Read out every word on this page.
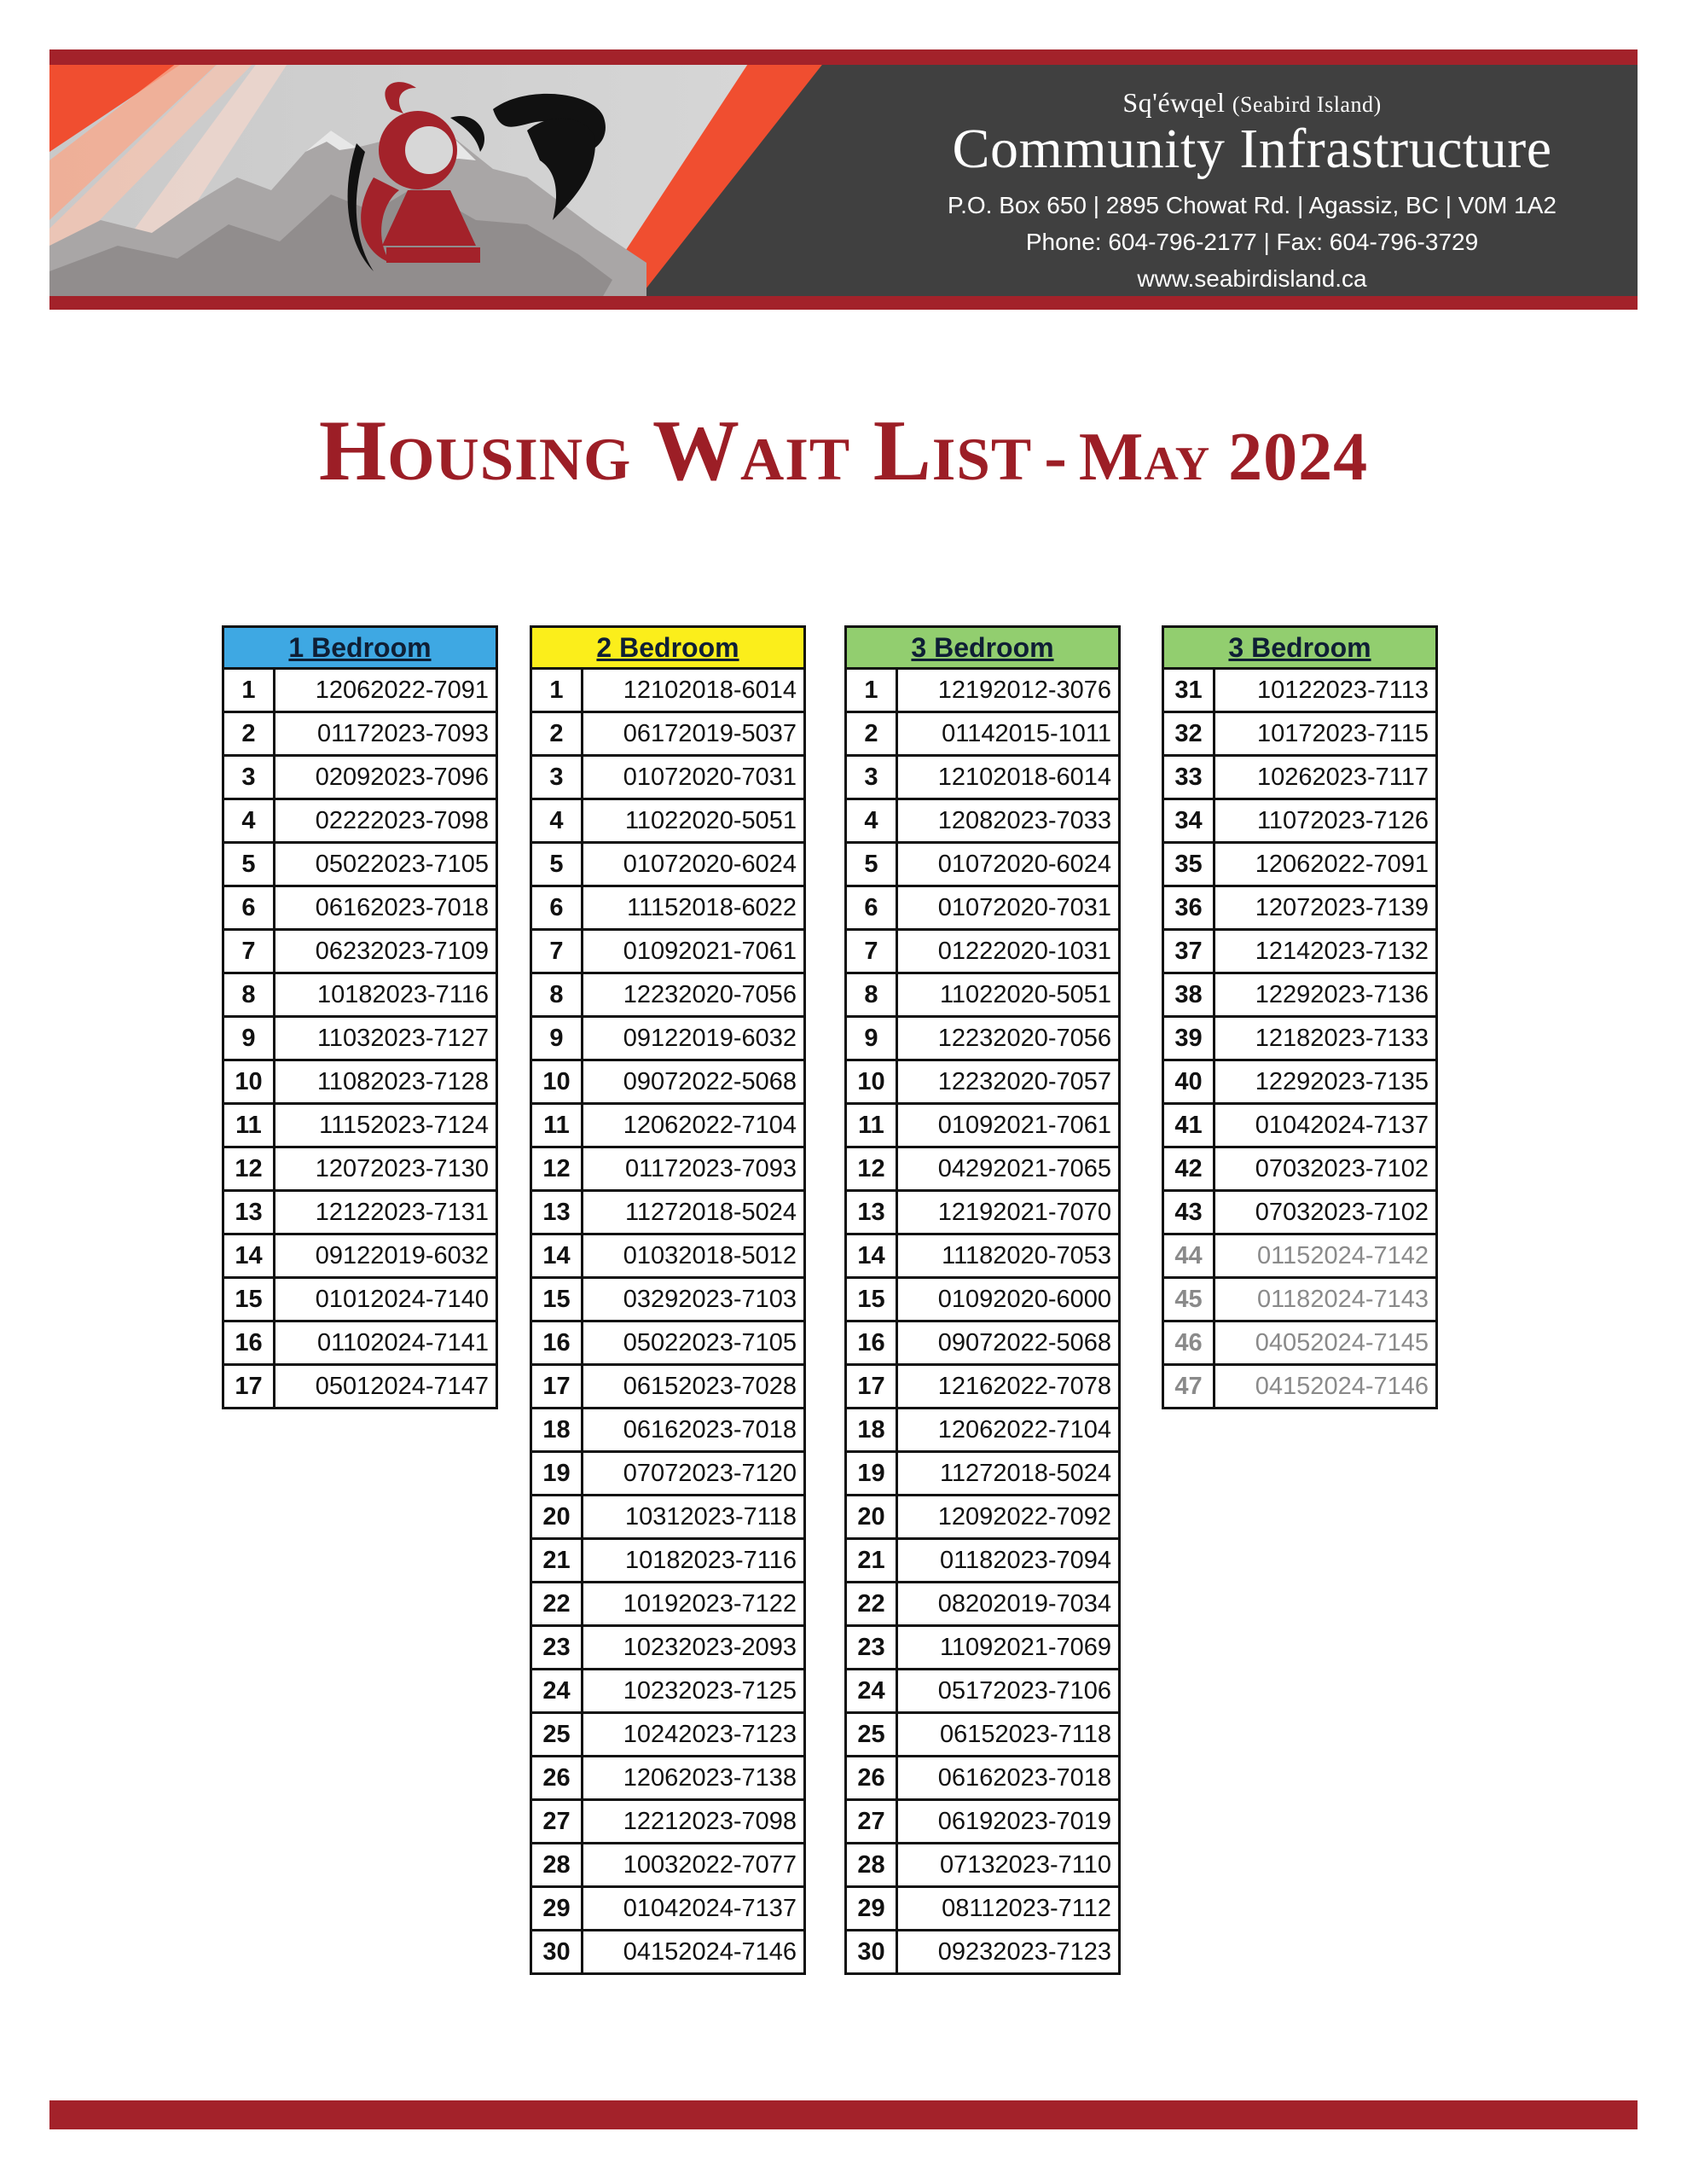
Sq'éwqel (Seabird Island)
Community Infrastructure
P.O. Box 650 | 2895 Chowat Rd. | Agassiz, BC | V0M 1A2
Phone: 604-796-2177 | Fax: 604-796-3729
www.seabirdisland.ca
Housing Wait List - May 2024
1 Bedroom	
1	12062022-7091
2	01172023-7093
3	02092023-7096
4	02222023-7098
5	05022023-7105
6	06162023-7018
7	06232023-7109
8	10182023-7116
9	11032023-7127
10	11082023-7128
11	11152023-7124
12	12072023-7130
13	12122023-7131
14	09122019-6032
15	01012024-7140
16	01102024-7141
17	05012024-7147
2 Bedroom	
1	12102018-6014
2	06172019-5037
3	01072020-7031
4	11022020-5051
5	01072020-6024
6	11152018-6022
7	01092021-7061
8	12232020-7056
9	09122019-6032
10	09072022-5068
11	12062022-7104
12	01172023-7093
13	11272018-5024
14	01032018-5012
15	03292023-7103
16	05022023-7105
17	06152023-7028
18	06162023-7018
19	07072023-7120
20	10312023-7118
21	10182023-7116
22	10192023-7122
23	10232023-2093
24	10232023-7125
25	10242023-7123
26	12062023-7138
27	12212023-7098
28	10032022-7077
29	01042024-7137
30	04152024-7146
3 Bedroom	
1	12192012-3076
2	01142015-1011
3	12102018-6014
4	12082023-7033
5	01072020-6024
6	01072020-7031
7	01222020-1031
8	11022020-5051
9	12232020-7056
10	12232020-7057
11	01092021-7061
12	04292021-7065
13	12192021-7070
14	11182020-7053
15	01092020-6000
16	09072022-5068
17	12162022-7078
18	12062022-7104
19	11272018-5024
20	12092022-7092
21	01182023-7094
22	08202019-7034
23	11092021-7069
24	05172023-7106
25	06152023-7118
26	06162023-7018
27	06192023-7019
28	07132023-7110
29	08112023-7112
30	09232023-7123
3 Bedroom	
31	10122023-7113
32	10172023-7115
33	10262023-7117
34	11072023-7126
35	12062022-7091
36	12072023-7139
37	12142023-7132
38	12292023-7136
39	12182023-7133
40	12292023-7135
41	01042024-7137
42	07032023-7102
43	07032023-7102
44	01152024-7142
45	01182024-7143
46	04052024-7145
47	04152024-7146
